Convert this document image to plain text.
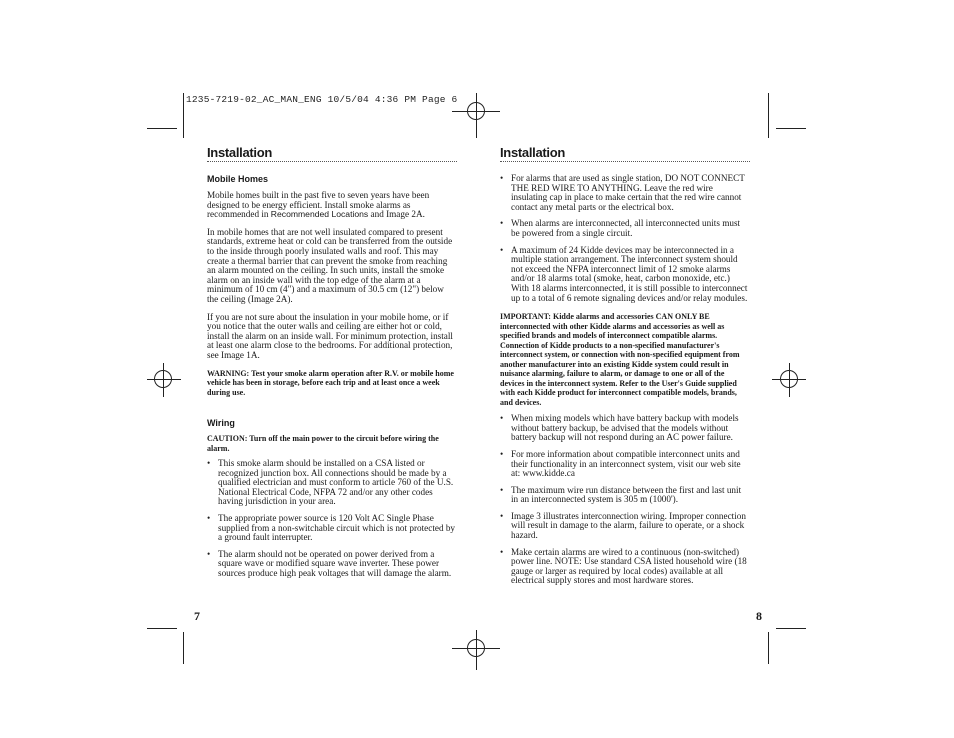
1235-7219-02_AC_MAN_ENG 10/5/04 4:36 PM Page 6
Installation
Mobile Homes

Mobile homes built in the past five to seven years have been designed to be energy efficient. Install smoke alarms as recommended in Recommended Locations and Image 2A.

In mobile homes that are not well insulated compared to present standards, extreme heat or cold can be transferred from the outside to the inside through poorly insulated walls and roof. This may create a thermal barrier that can prevent the smoke from reaching an alarm mounted on the ceiling. In such units, install the smoke alarm on an inside wall with the top edge of the alarm at a minimum of 10 cm (4") and a maximum of 30.5 cm (12") below the ceiling (Image 2A).

If you are not sure about the insulation in your mobile home, or if you notice that the outer walls and ceiling are either hot or cold, install the alarm on an inside wall. For minimum protection, install at least one alarm close to the bedrooms. For additional protection, see Image 1A.

WARNING: Test your smoke alarm operation after R.V. or mobile home vehicle has been in storage, before each trip and at least once a week during use.

Wiring

CAUTION: Turn off the main power to the circuit before wiring the alarm.

• This smoke alarm should be installed on a CSA listed or recognized junction box. All connections should be made by a qualified electrician and must conform to article 760 of the U.S. National Electrical Code, NFPA 72 and/or any other codes having jurisdiction in your area.
• The appropriate power source is 120 Volt AC Single Phase supplied from a non-switchable circuit which is not protected by a ground fault interrupter.
• The alarm should not be operated on power derived from a square wave or modified square wave inverter. These power sources produce high peak voltages that will damage the alarm.
7
Installation
• For alarms that are used as single station, DO NOT CONNECT THE RED WIRE TO ANYTHING. Leave the red wire insulating cap in place to make certain that the red wire cannot contact any metal parts or the electrical box.
• When alarms are interconnected, all interconnected units must be powered from a single circuit.
• A maximum of 24 Kidde devices may be interconnected in a multiple station arrangement. The interconnect system should not exceed the NFPA interconnect limit of 12 smoke alarms and/or 18 alarms total (smoke, heat, carbon monoxide, etc.) With 18 alarms interconnected, it is still possible to interconnect up to a total of 6 remote signaling devices and/or relay modules.

IMPORTANT: Kidde alarms and accessories CAN ONLY BE interconnected with other Kidde alarms and accessories as well as specified brands and models of interconnect compatible alarms. Connection of Kidde products to a non-specified manufacturer's interconnect system, or connection with non-specified equipment from another manufacturer into an existing Kidde system could result in nuisance alarming, failure to alarm, or damage to one or all of the devices in the interconnect system. Refer to the User's Guide supplied with each Kidde product for interconnect compatible models, brands, and devices.

• When mixing models which have battery backup with models without battery backup, be advised that the models without battery backup will not respond during an AC power failure.
• For more information about compatible interconnect units and their functionality in an interconnect system, visit our web site at: www.kidde.ca
• The maximum wire run distance between the first and last unit in an interconnected system is 305 m (1000').
• Image 3 illustrates interconnection wiring. Improper connection will result in damage to the alarm, failure to operate, or a shock hazard.
• Make certain alarms are wired to a continuous (non-switched) power line. NOTE: Use standard CSA listed household wire (18 gauge or larger as required by local codes) available at all electrical supply stores and most hardware stores.
8
